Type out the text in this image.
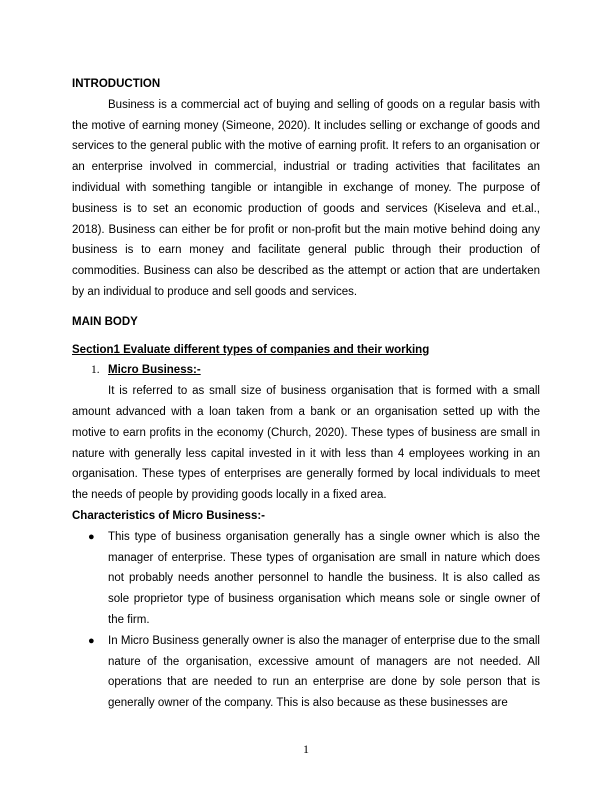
INTRODUCTION

Business is a commercial act of buying and selling of goods on a regular basis with the motive of earning money (Simeone, 2020). It includes selling or exchange of goods and services to the general public with the motive of earning profit. It refers to an organisation or an enterprise involved in commercial, industrial or trading activities that facilitates an individual with something tangible or intangible in exchange of money. The purpose of business is to set an economic production of goods and services (Kiseleva and et.al., 2018). Business can either be for profit or non-profit but the main motive behind doing any business is to earn money and facilitate general public through their production of commodities. Business can also be described as the attempt or action that are undertaken by an individual to produce and sell goods and services.

MAIN BODY

Section1 Evaluate different types of companies and their working

1. Micro Business:-

It is referred to as small size of business organisation that is formed with a small amount advanced with a loan taken from a bank or an organisation setted up with the motive to earn profits in the economy (Church, 2020). These types of business are small in nature with generally less capital invested in it with less than 4 employees working in an organisation. These types of enterprises are generally formed by local individuals to meet the needs of people by providing goods locally in a fixed area.

Characteristics of Micro Business:-

● This type of business organisation generally has a single owner which is also the manager of enterprise. These types of organisation are small in nature which does not probably needs another personnel to handle the business. It is also called as sole proprietor type of business organisation which means sole or single owner of the firm.
● In Micro Business generally owner is also the manager of enterprise due to the small nature of the organisation, excessive amount of managers are not needed. All operations that are needed to run an enterprise are done by sole person that is generally owner of the company. This is also because as these businesses are
1
